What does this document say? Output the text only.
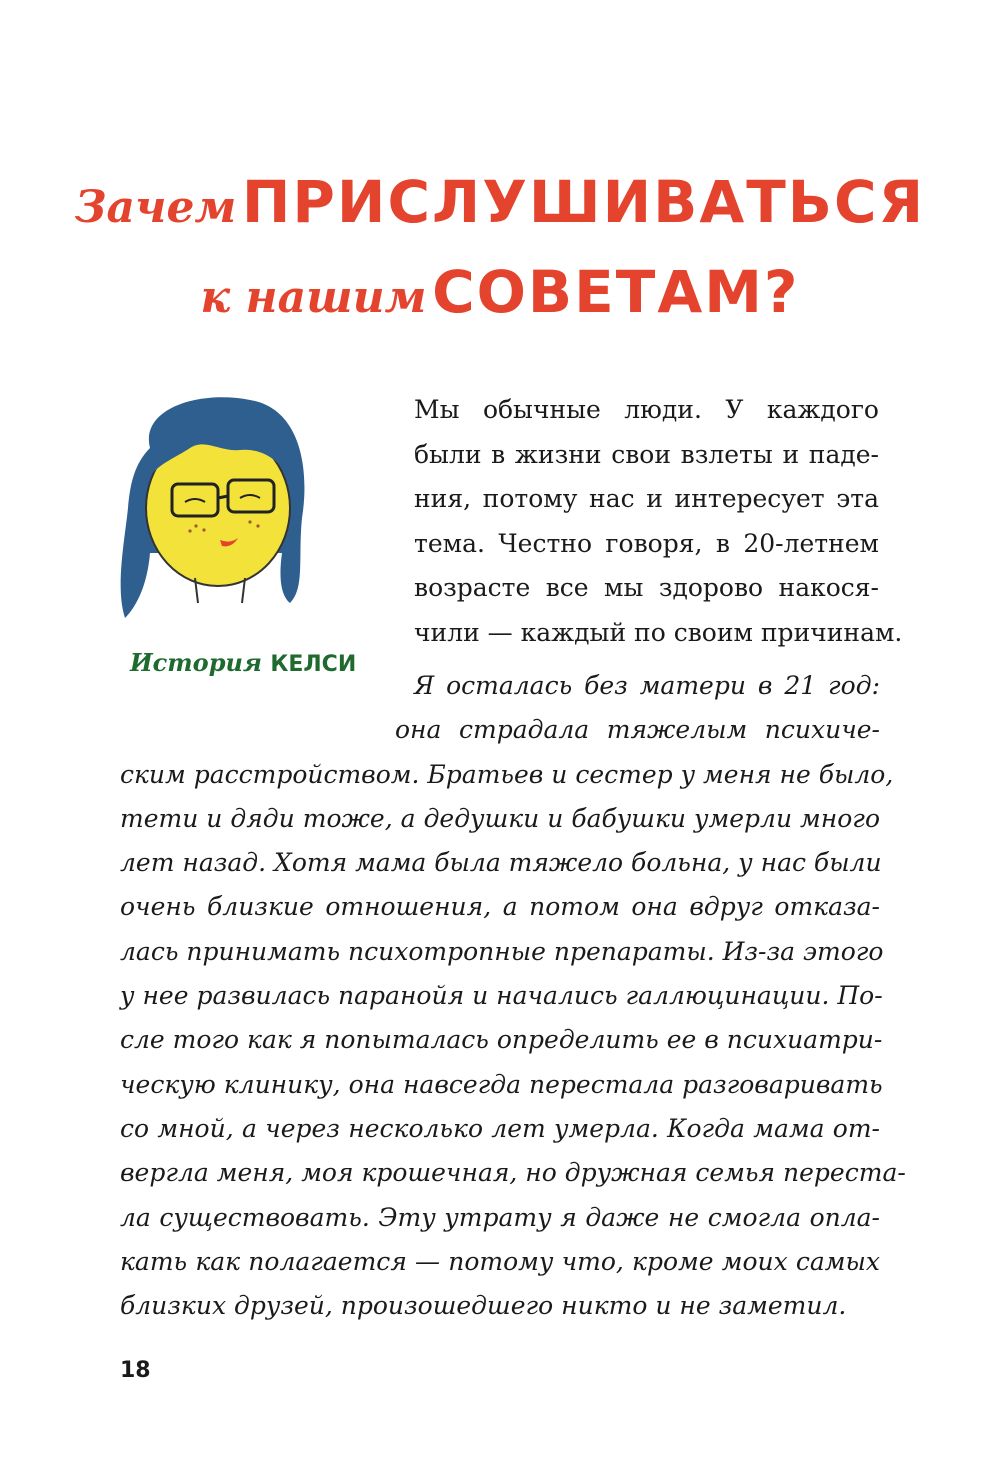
Зачем ПРИСЛУШИВАТЬСЯ
к нашим СОВЕТАМ?
История КЕЛСИ
Мы обычные люди. У каждого
были в жизни свои взлеты и паде-
ния, потому нас и интересует эта
тема. Честно говоря, в 20-летнем
возрасте все мы здорово накося-
чили — каждый по своим причинам.
Я осталась без матери в 21 год:
она страдала тяжелым психиче-
ским расстройством. Братьев и сестер у меня не было,
тети и дяди тоже, а дедушки и бабушки умерли много
лет назад. Хотя мама была тяжело больна, у нас были
очень близкие отношения, а потом она вдруг отказа-
лась принимать психотропные препараты. Из-за этого
у нее развилась паранойя и начались галлюцинации. По-
сле того как я попыталась определить ее в психиатри-
ческую клинику, она навсегда перестала разговаривать
со мной, а через несколько лет умерла. Когда мама от-
вергла меня, моя крошечная, но дружная семья переста-
ла существовать. Эту утрату я даже не смогла опла-
кать как полагается — потому что, кроме моих самых
близких друзей, произошедшего никто и не заметил.
18
